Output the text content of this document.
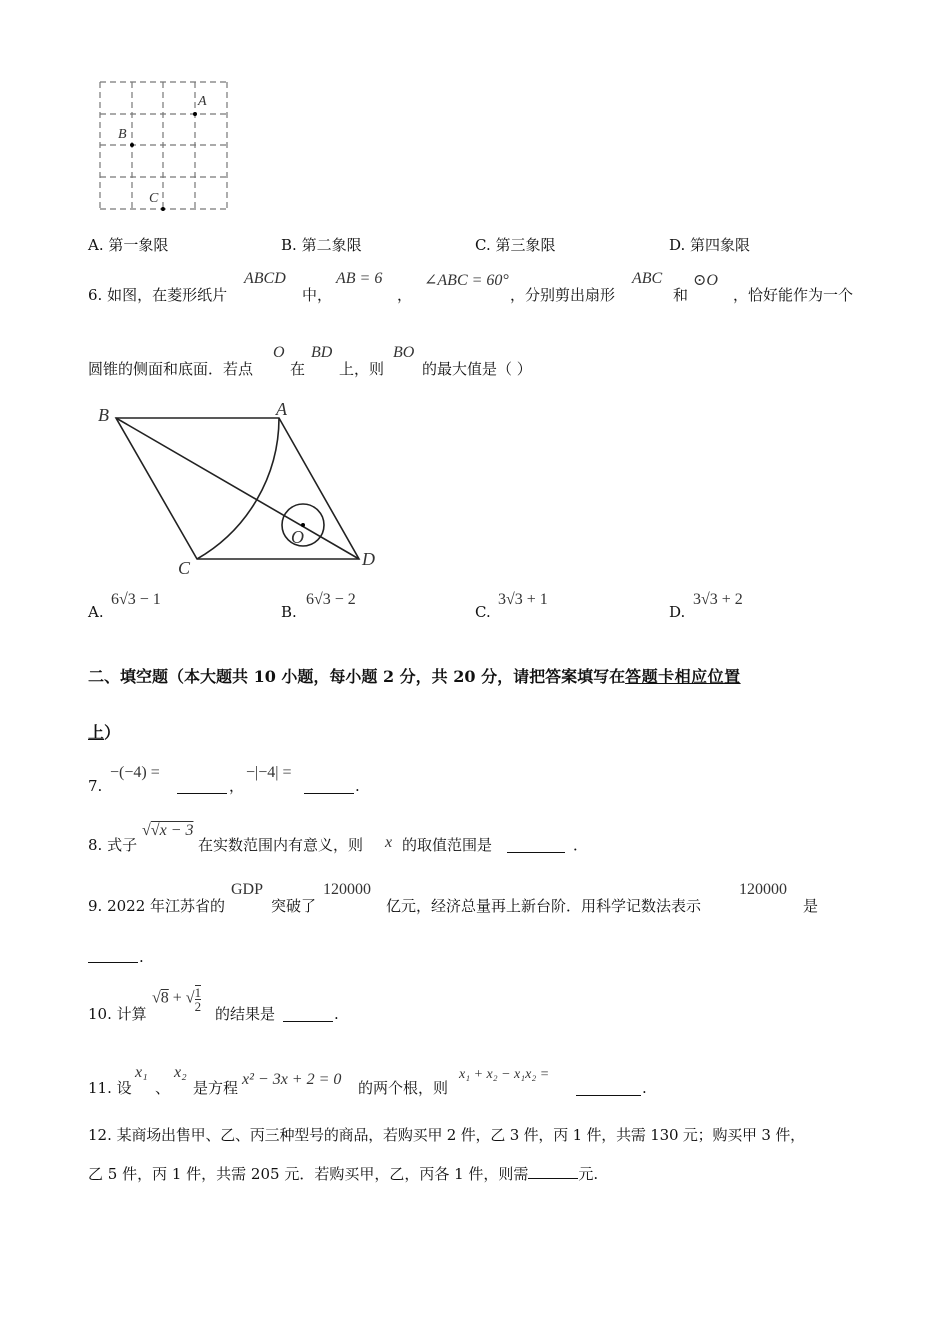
A
B
C
A. 第一象限	B. 第二象限	C. 第三象限	D. 第四象限
6. 如图，在菱形纸片
ABCD
中，
AB = 6
，
∠ABC = 60°
，分别剪出扇形
ABC
和
⊙O
，恰好能作为一个
圆锥的侧面和底面．若点
O
在
BD
上，则
BO
的最大值是（ ）
B	A
C	D
O
A.
6√3 − 1
B.
6√3 − 2
C.
3√3 + 1
D.
3√3 + 2
二、填空题（本大题共 10 小题，每小题 2 分，共 20 分，请把答案填写在答题卡相应位置
上）
7.
−(−4) =
，
−|−4| =
.
8. 式子
√√x − 3
在实数范围内有意义，则 x 的取值范围是	．
9. 2022 年江苏省的
GDP
突破了
120000
亿元，经济总量再上新台阶．用科学记数法表示
120000
是
.
10. 计算
√8 + √ $\frac{1}{2}$
的结果是	.
11. 设
x₁
、
x₂
是方程 x² − 3x + 2 = 0 的两个根，则
x₁ + x₂ − x₁x₂ =
.
12. 某商场出售甲、乙、丙三种型号的商品，若购买甲 2 件，乙 3 件，丙 1 件，共需 130 元；购买甲 3 件，
乙 5 件，丙 1 件，共需 205 元．若购买甲，乙，丙各 1 件，则需	元.
